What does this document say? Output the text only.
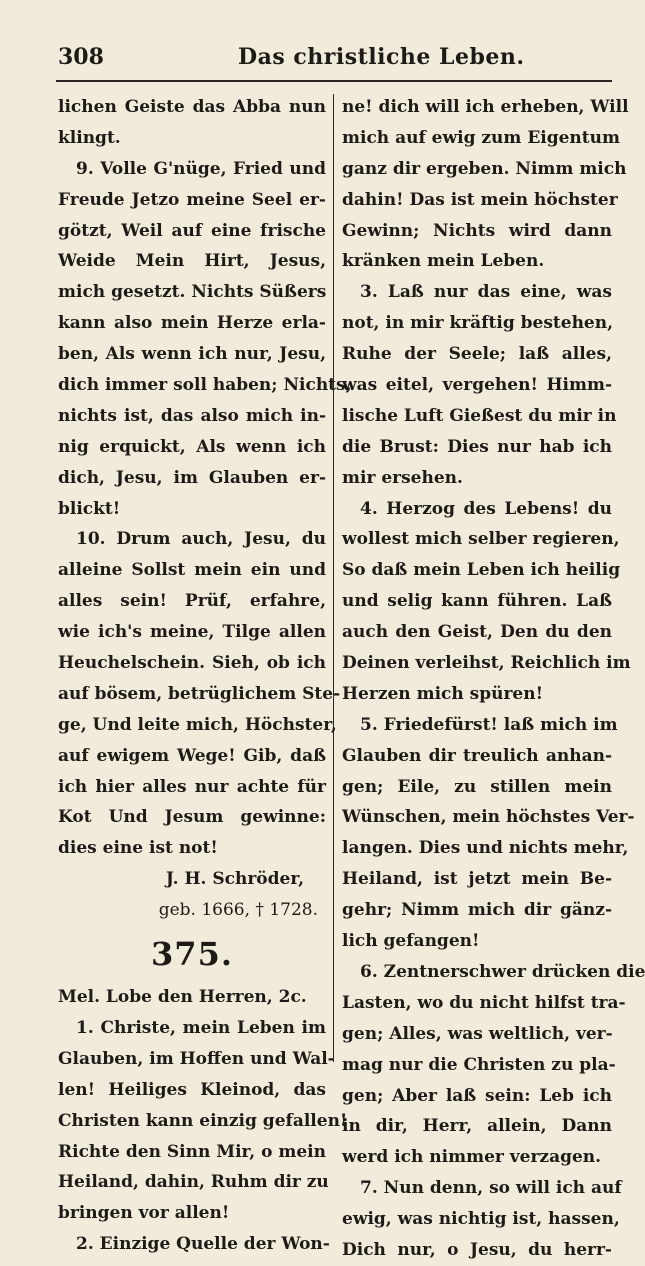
308	Das christliche Leben.
lichen Geiste das Abba nun
klingt.
9. Volle G'nüge, Fried und
Freude Jetzo meine Seel er-
götzt, Weil auf eine frische
Weide Mein Hirt, Jesus,
mich gesetzt. Nichts Süßers
kann also mein Herze erla-
ben, Als wenn ich nur, Jesu,
dich immer soll haben; Nichts,
nichts ist, das also mich in-
nig erquickt, Als wenn ich
dich, Jesu, im Glauben er-
blickt!
10. Drum auch, Jesu, du
alleine Sollst mein ein und
alles sein! Prüf, erfahre,
wie ich's meine, Tilge allen
Heuchelschein. Sieh, ob ich
auf bösem, betrüglichem Ste-
ge, Und leite mich, Höchster,
auf ewigem Wege! Gib, daß
ich hier alles nur achte für
Kot Und Jesum gewinne:
dies eine ist not!
J. H. Schröder,
geb. 1666, † 1728.
375.
Mel. Lobe den Herren, 2c.
1. Christe, mein Leben im
Glauben, im Hoffen und Wal-
len! Heiliges Kleinod, das
Christen kann einzig gefallen!
Richte den Sinn Mir, o mein
Heiland, dahin, Ruhm dir zu
bringen vor allen!
2. Einzige Quelle der Won-
ne! dich will ich erheben, Will
mich auf ewig zum Eigentum
ganz dir ergeben. Nimm mich
dahin! Das ist mein höchster
Gewinn; Nichts wird dann
kränken mein Leben.
3. Laß nur das eine, was
not, in mir kräftig bestehen,
Ruhe der Seele; laß alles,
was eitel, vergehen! Himm-
lische Luft Gießest du mir in
die Brust: Dies nur hab ich
mir ersehen.
4. Herzog des Lebens! du
wollest mich selber regieren,
So daß mein Leben ich heilig
und selig kann führen. Laß
auch den Geist, Den du den
Deinen verleihst, Reichlich im
Herzen mich spüren!
5. Friedefürst! laß mich im
Glauben dir treulich anhan-
gen; Eile, zu stillen mein
Wünschen, mein höchstes Ver-
langen. Dies und nichts mehr,
Heiland, ist jetzt mein Be-
gehr; Nimm mich dir gänz-
lich gefangen!
6. Zentnerschwer drücken die
Lasten, wo du nicht hilfst tra-
gen; Alles, was weltlich, ver-
mag nur die Christen zu pla-
gen; Aber laß sein: Leb ich
in dir, Herr, allein, Dann
werd ich nimmer verzagen.
7. Nun denn, so will ich auf
ewig, was nichtig ist, hassen,
Dich nur, o Jesu, du herr-
